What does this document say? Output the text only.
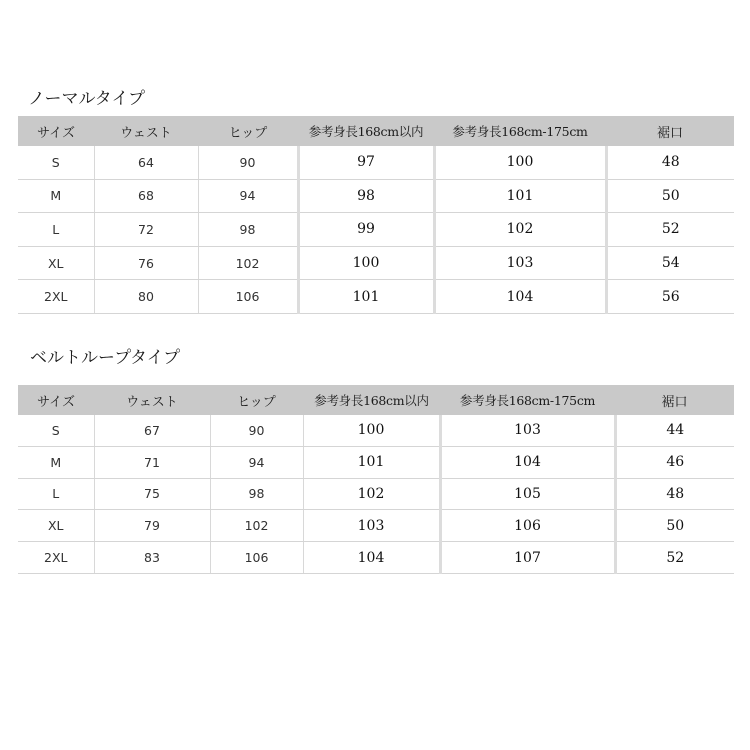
ノーマルタイプ
サイズ	ウェスト	ヒップ	参考身長168cm以内	参考身長168cm-175cm	裾口
S	64	90	97	100	48
M	68	94	98	101	50
L	72	98	99	102	52
XL	76	102	100	103	54
2XL	80	106	101	104	56
ベルトループタイプ
サイズ	ウェスト	ヒップ	参考身長168cm以内	参考身長168cm-175cm	裾口
S	67	90	100	103	44
M	71	94	101	104	46
L	75	98	102	105	48
XL	79	102	103	106	50
2XL	83	106	104	107	52
